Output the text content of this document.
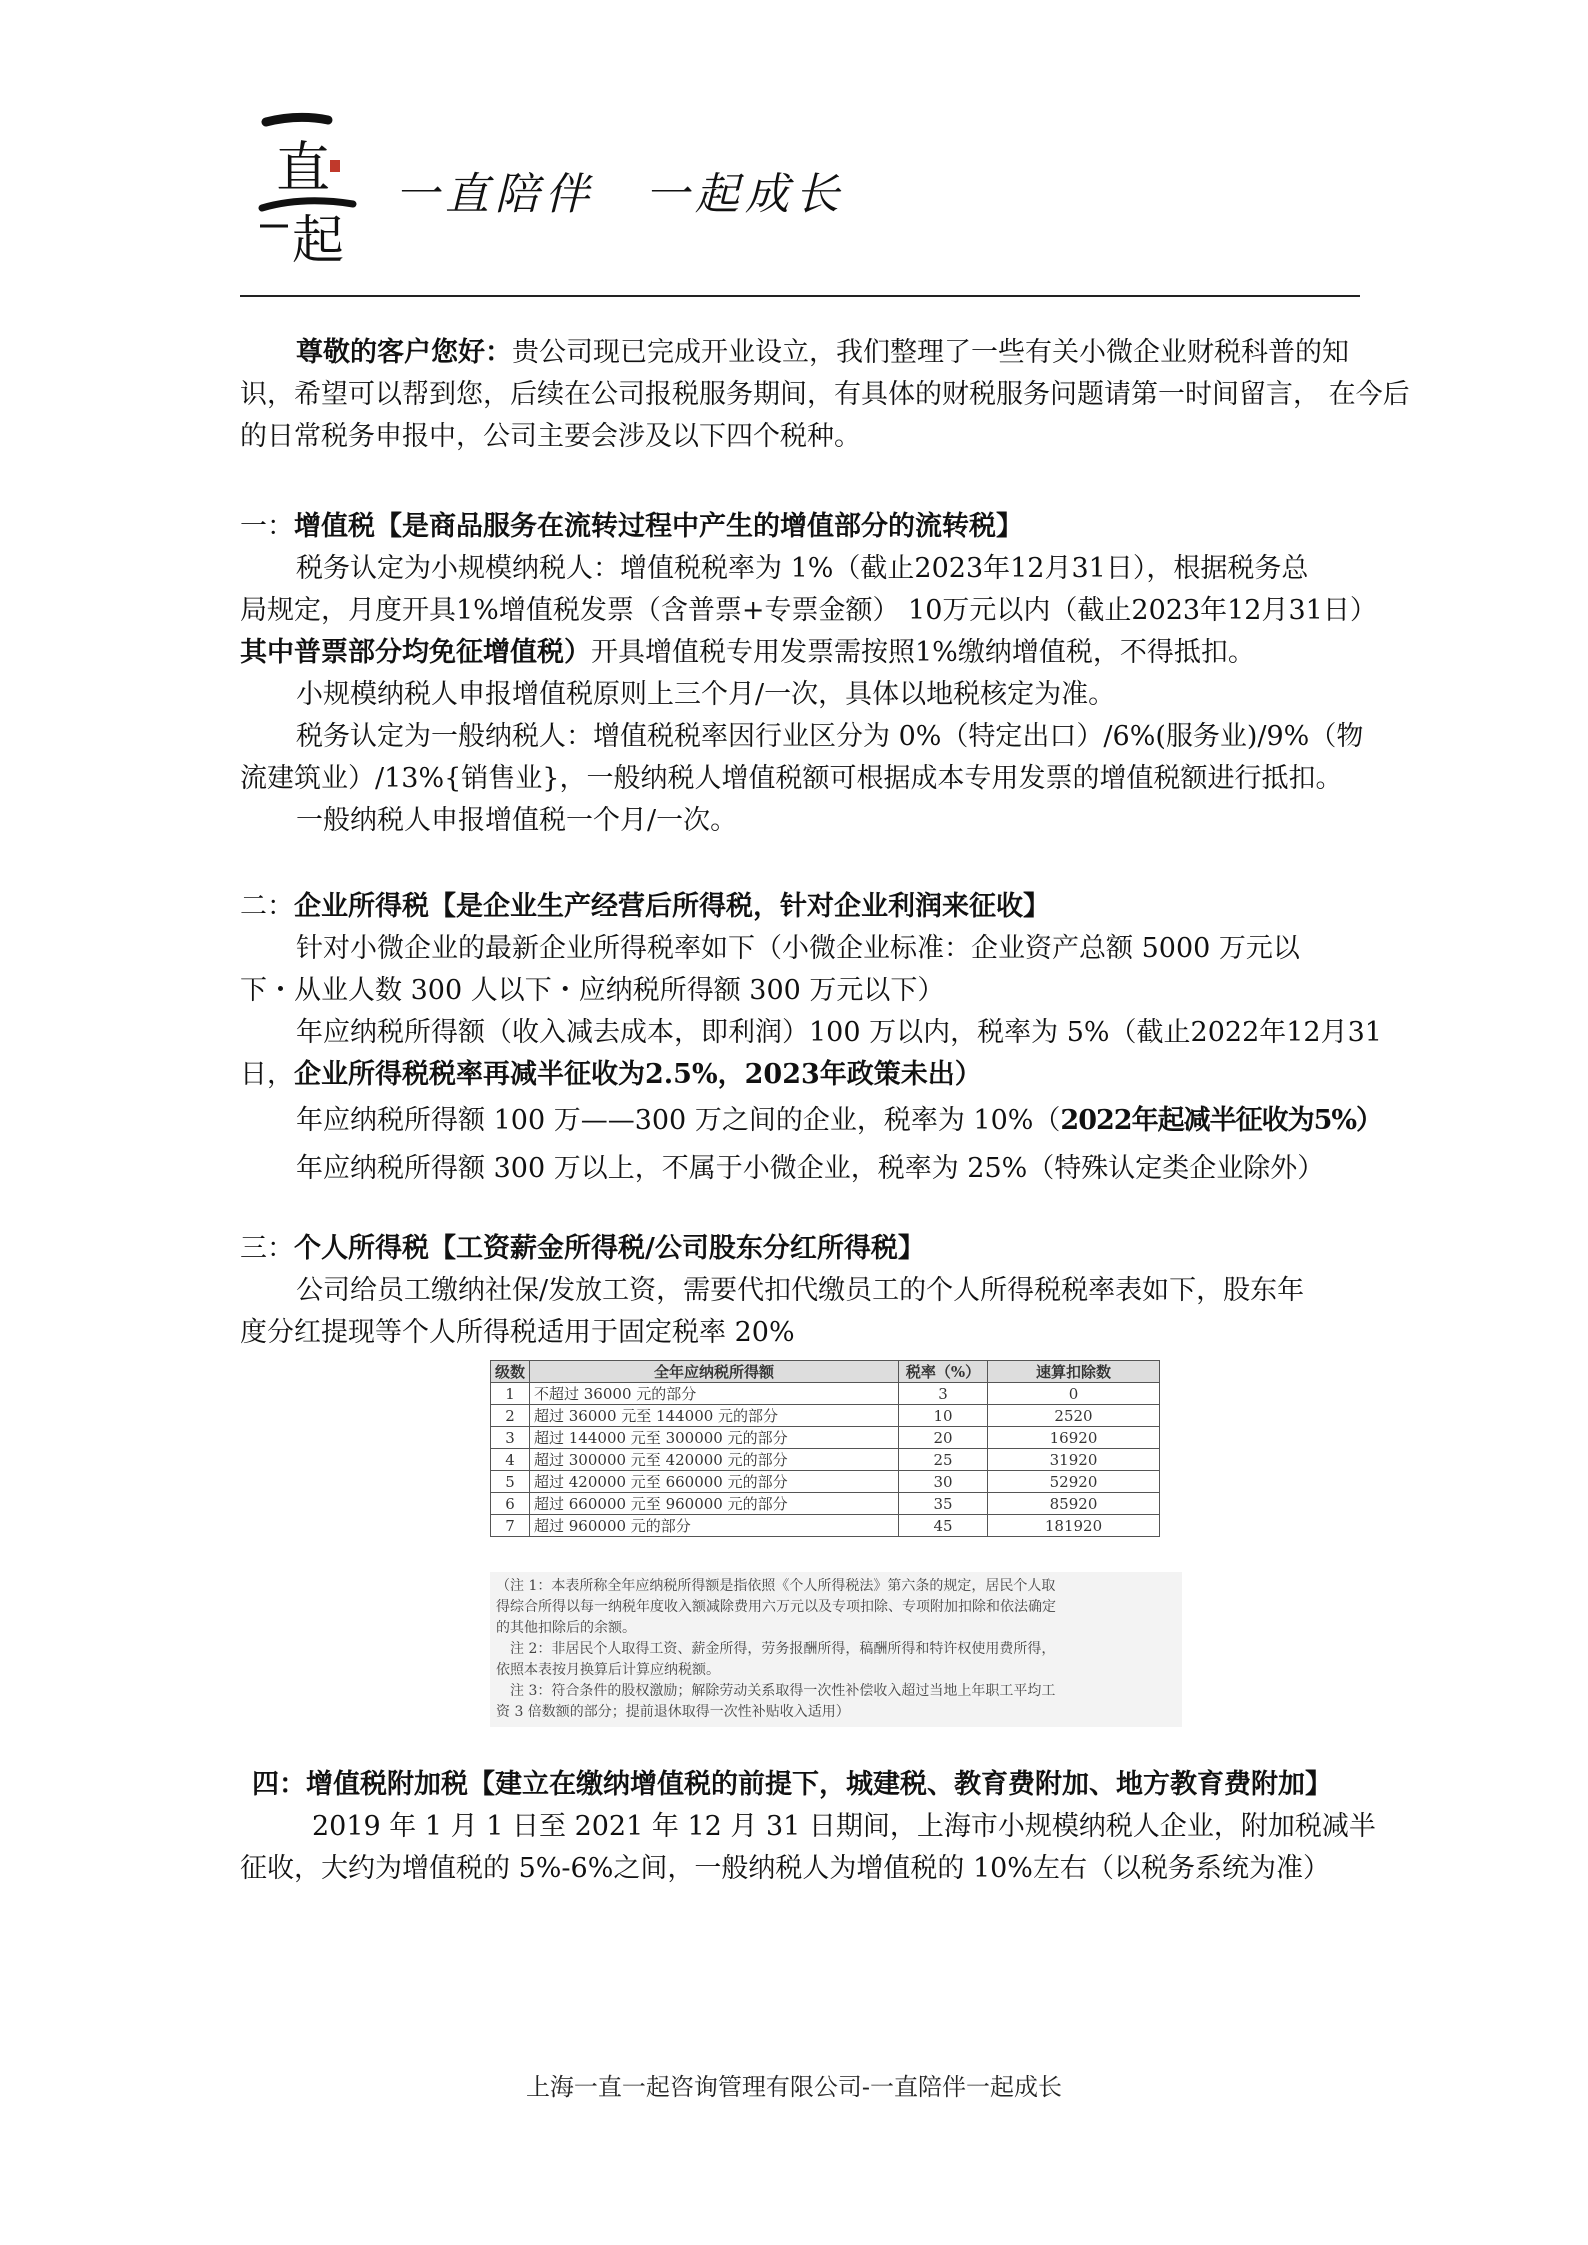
直
起
一直陪伴　一起成长
尊敬的客户您好：贵公司现已完成开业设立，我们整理了一些有关小微企业财税科普的知
识，希望可以帮到您，后续在公司报税服务期间，有具体的财税服务问题请第一时间留言， 在今后
的日常税务申报中，公司主要会涉及以下四个税种。
一：增值税【是商品服务在流转过程中产生的增值部分的流转税】
税务认定为小规模纳税人：增值税税率为 1%（截止2023年12月31日），根据税务总
局规定，月度开具1%增值税发票（含普票+专票金额） 10万元以内（截止2023年12月31日）
其中普票部分均免征增值税）开具增值税专用发票需按照1%缴纳增值税，不得抵扣。
小规模纳税人申报增值税原则上三个月/一次，具体以地税核定为准。
税务认定为一般纳税人：增值税税率因行业区分为 0%（特定出口）/6%(服务业)/9%（物
流建筑业）/13%{销售业}，一般纳税人增值税额可根据成本专用发票的增值税额进行抵扣。
一般纳税人申报增值税一个月/一次。
二：企业所得税【是企业生产经营后所得税，针对企业利润来征收】
针对小微企业的最新企业所得税率如下（小微企业标准：企业资产总额 5000 万元以
下・从业人数 300 人以下・应纳税所得额 300 万元以下）
年应纳税所得额（收入减去成本，即利润）100 万以内，税率为 5%（截止2022年12月31
日，企业所得税税率再减半征收为2.5%，2023年政策未出）
年应纳税所得额 100 万——300 万之间的企业，税率为 10%（2022年起减半征收为5%）
年应纳税所得额 300 万以上，不属于小微企业，税率为 25%（特殊认定类企业除外）
三：个人所得税【工资薪金所得税/公司股东分红所得税】
公司给员工缴纳社保/发放工资，需要代扣代缴员工的个人所得税税率表如下，股东年
度分红提现等个人所得税适用于固定税率 20%
级数	全年应纳税所得额	税率（%）	速算扣除数
1	不超过 36000 元的部分	3	0
2	超过 36000 元至 144000 元的部分	10	2520
3	超过 144000 元至 300000 元的部分	20	16920
4	超过 300000 元至 420000 元的部分	25	31920
5	超过 420000 元至 660000 元的部分	30	52920
6	超过 660000 元至 960000 元的部分	35	85920
7	超过 960000 元的部分	45	181920
（注 1：本表所称全年应纳税所得额是指依照《个人所得税法》第六条的规定，居民个人取
得综合所得以每一纳税年度收入额减除费用六万元以及专项扣除、专项附加扣除和依法确定
的其他扣除后的余额。
　注 2：非居民个人取得工资、薪金所得，劳务报酬所得，稿酬所得和特许权使用费所得，
依照本表按月换算后计算应纳税额。
　注 3：符合条件的股权激励；解除劳动关系取得一次性补偿收入超过当地上年职工平均工
资 3 倍数额的部分；提前退休取得一次性补贴收入适用）
四：增值税附加税【建立在缴纳增值税的前提下，城建税、教育费附加、地方教育费附加】
2019 年 1 月 1 日至 2021 年 12 月 31 日期间，上海市小规模纳税人企业，附加税减半
征收，大约为增值税的 5%-6%之间，一般纳税人为增值税的 10%左右（以税务系统为准）
上海一直一起咨询管理有限公司-一直陪伴一起成长
